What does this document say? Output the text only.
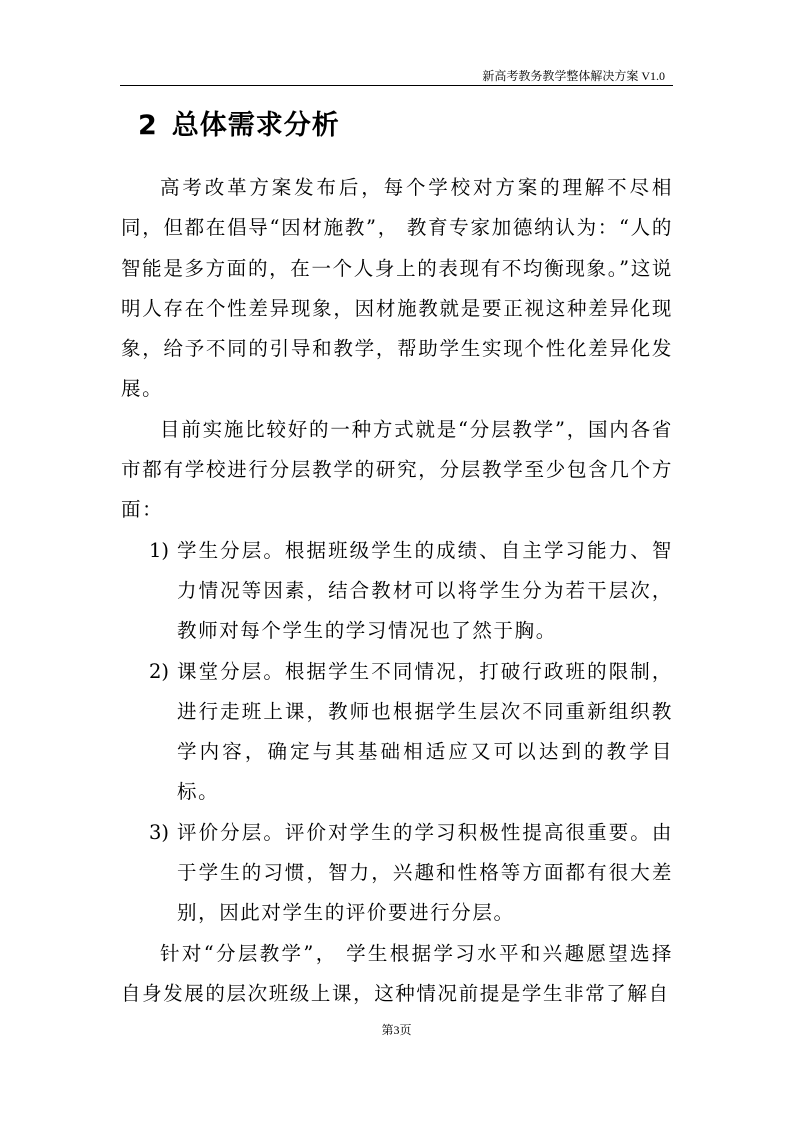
新高考教务教学整体解决方案 V1.0
2 总体需求分析

高考改革方案发布后，每个学校对方案的理解不尽相同，但都在倡导“因材施教”， 教育专家加德纳认为：“人的智能是多方面的，在一个人身上的表现有不均衡现象。”这说明人存在个性差异现象，因材施教就是要正视这种差异化现象，给予不同的引导和教学，帮助学生实现个性化差异化发展。

目前实施比较好的一种方式就是“分层教学”，国内各省市都有学校进行分层教学的研究，分层教学至少包含几个方面：

1) 学生分层。根据班级学生的成绩、自主学习能力、智力情况等因素，结合教材可以将学生分为若干层次，教师对每个学生的学习情况也了然于胸。
2) 课堂分层。根据学生不同情况，打破行政班的限制，进行走班上课，教师也根据学生层次不同重新组织教学内容，确定与其基础相适应又可以达到的教学目标。
3) 评价分层。评价对学生的学习积极性提高很重要。由于学生的习惯，智力，兴趣和性格等方面都有很大差别，因此对学生的评价要进行分层。

针对“分层教学”， 学生根据学习水平和兴趣愿望选择自身发展的层次班级上课，这种情况前提是学生非常了解自

第3页
